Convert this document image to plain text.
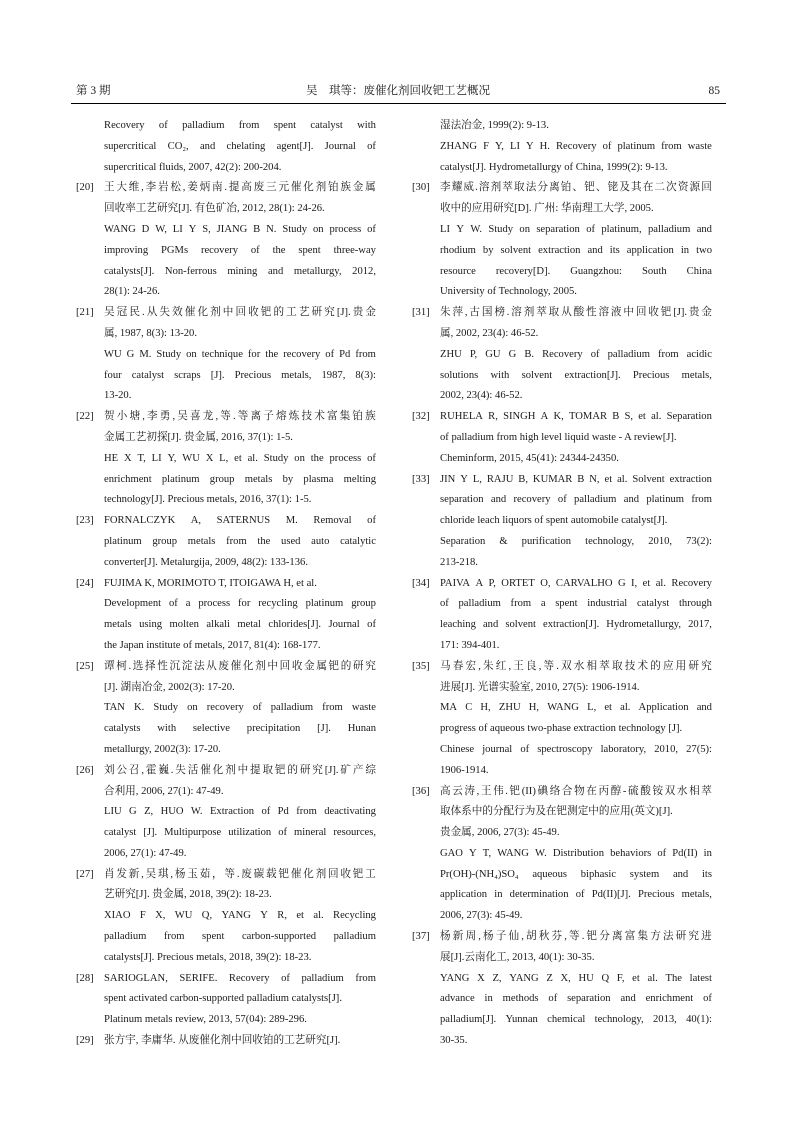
第 3 期	吴　琪等：废催化剂回收钯工艺概况	85
Recovery of palladium from spent catalyst with
supercritical CO₂, and chelating agent[J]. Journal of
supercritical fluids, 2007, 42(2): 200-204.
[20] 王 大 维 , 李 岩 松 , 姜 炳 南 . 提 高 废 三 元 催 化 剂 铂 族 金 属
回收率工艺研究[J]. 有色矿冶, 2012, 28(1): 24-26.
WANG D W, LI Y S, JIANG B N. Study on process of
improving PGMs recovery of the spent three-way
catalysts[J]. Non-ferrous mining and metallurgy, 2012,
28(1): 24-26.
[21] 吴 冠 民 . 从 失 效 催 化 剂 中 回 收 钯 的 工 艺 研 究 [J]. 贵 金
属, 1987, 8(3): 13-20.
WU G M. Study on technique for the recovery of Pd from
four catalyst scraps [J]. Precious metals, 1987, 8(3):
13-20.
[22] 贺 小 塘 , 李 勇 , 吴 喜 龙 , 等 . 等 离 子 熔 炼 技 术 富 集 铂 族
金属工艺初探[J]. 贵金属, 2016, 37(1): 1-5.
HE X T, LI Y, WU X L, et al. Study on the process of
enrichment platinum group metals by plasma melting
technology[J]. Precious metals, 2016, 37(1): 1-5.
[23] FORNALCZYK A, SATERNUS M. Removal of
platinum group metals from the used auto catalytic
converter[J]. Metalurgija, 2009, 48(2): 133-136.
[24] FUJIMA K, MORIMOTO T, ITOIGAWA H, et al.
Development of a process for recycling platinum group
metals using molten alkali metal chlorides[J]. Journal of
the Japan institute of metals, 2017, 81(4): 168-177.
[25] 谭 柯 . 选 择 性 沉 淀 法 从 废 催 化 剂 中 回 收 金 属 钯 的 研 究
[J]. 湖南冶金, 2002(3): 17-20.
TAN K. Study on recovery of palladium from waste
catalysts with selective precipitation [J]. Hunan
metallurgy, 2002(3): 17-20.
[26] 刘 公 召 , 霍 巍 . 失 活 催 化 剂 中 提 取 钯 的 研 究 [J]. 矿 产 综
合利用, 2006, 27(1): 47-49.
LIU G Z, HUO W. Extraction of Pd from deactivating
catalyst [J]. Multipurpose utilization of mineral resources,
2006, 27(1): 47-49.
[27] 肖 发 新 , 吴 琪 , 杨 玉 茹 ， 等 . 废 碳 载 钯 催 化 剂 回 收 钯 工
艺研究[J]. 贵金属, 2018, 39(2): 18-23.
XIAO F X, WU Q, YANG Y R, et al. Recycling
palladium from spent carbon-supported palladium
catalysts[J]. Precious metals, 2018, 39(2): 18-23.
[28] SARIOGLAN, SERIFE. Recovery of palladium from
spent activated carbon-supported palladium catalysts[J].
Platinum metals review, 2013, 57(04): 289-296.
[29] 张方宇, 李庸华. 从废催化剂中回收铂的工艺研究[J].
湿法冶金, 1999(2): 9-13.
ZHANG F Y, LI Y H. Recovery of platinum from waste
catalyst[J]. Hydrometallurgy of China, 1999(2): 9-13.
[30] 李 耀 威 . 溶 剂 萃 取 法 分 离 铂 、 钯 、 铑 及 其 在 二 次 资 源 回
收中的应用研究[D]. 广州: 华南理工大学, 2005.
LI Y W. Study on separation of platinum, palladium and
rhodium by solvent extraction and its application in two
resource recovery[D]. Guangzhou: South China
University of Technology, 2005.
[31] 朱 萍 , 古 国 榜 . 溶 剂 萃 取 从 酸 性 溶 液 中 回 收 钯 [J]. 贵 金
属, 2002, 23(4): 46-52.
ZHU P, GU G B. Recovery of palladium from acidic
solutions with solvent extraction[J]. Precious metals,
2002, 23(4): 46-52.
[32] RUHELA R, SINGH A K, TOMAR B S, et al. Separation
of palladium from high level liquid waste - A review[J].
Cheminform, 2015, 45(41): 24344-24350.
[33] JIN Y L, RAJU B, KUMAR B N, et al. Solvent extraction
separation and recovery of palladium and platinum from
chloride leach liquors of spent automobile catalyst[J].
Separation & purification technology, 2010, 73(2):
213-218.
[34] PAIVA A P, ORTET O, CARVALHO G I, et al. Recovery
of palladium from a spent industrial catalyst through
leaching and solvent extraction[J]. Hydrometallurgy, 2017,
171: 394-401.
[35] 马 春 宏 , 朱 红 , 王 良 , 等 . 双 水 相 萃 取 技 术 的 应 用 研 究
进展[J]. 光谱实验室, 2010, 27(5): 1906-1914.
MA C H, ZHU H, WANG L, et al. Application and
progress of aqueous two-phase extraction technology [J].
Chinese journal of spectroscopy laboratory, 2010, 27(5):
1906-1914.
[36] 高 云 涛 , 王 伟 . 钯 (II) 碘 络 合 物 在 丙 醇 - 硫 酸 铵 双 水 相 萃
取体系中的分配行为及在钯测定中的应用(英文)[J].
贵金属, 2006, 27(3): 45-49.
GAO Y T, WANG W. Distribution behaviors of Pd(II) in
Pr(OH)-(NH₄)SO₄ aqueous biphasic system and its
application in determination of Pd(II)[J]. Precious metals,
2006, 27(3): 45-49.
[37] 杨 新 周 , 杨 子 仙 , 胡 秋 芬 , 等 . 钯 分 离 富 集 方 法 研 究 进
展[J].云南化工, 2013, 40(1): 30-35.
YANG X Z, YANG Z X, HU Q F, et al. The latest
advance in methods of separation and enrichment of
palladium[J]. Yunnan chemical technology, 2013, 40(1):
30-35.
